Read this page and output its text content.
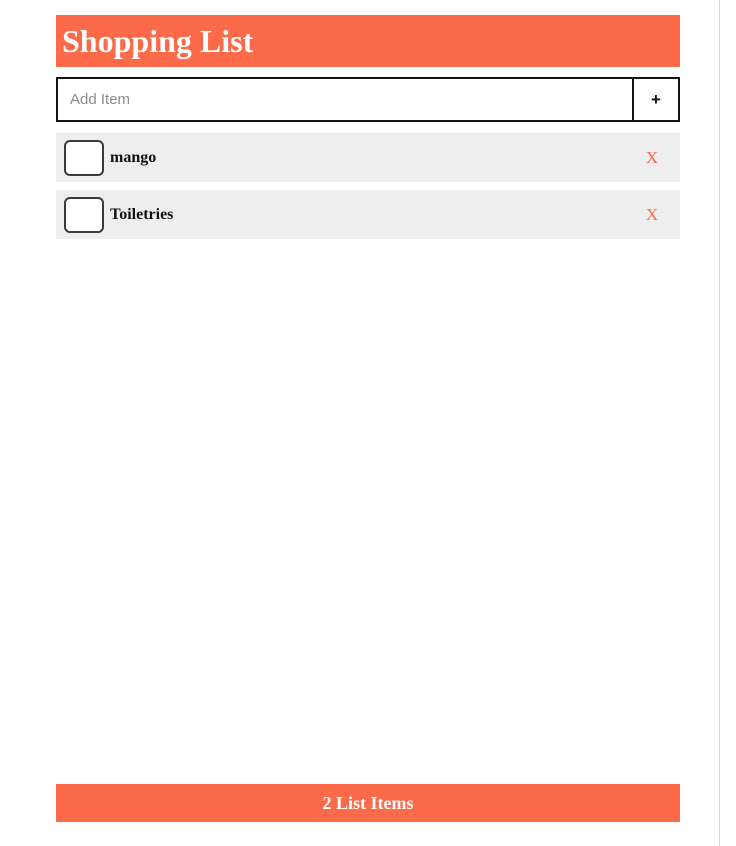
Shopping List
Add Item
+
mango	X
Toiletries	X
2 List Items
